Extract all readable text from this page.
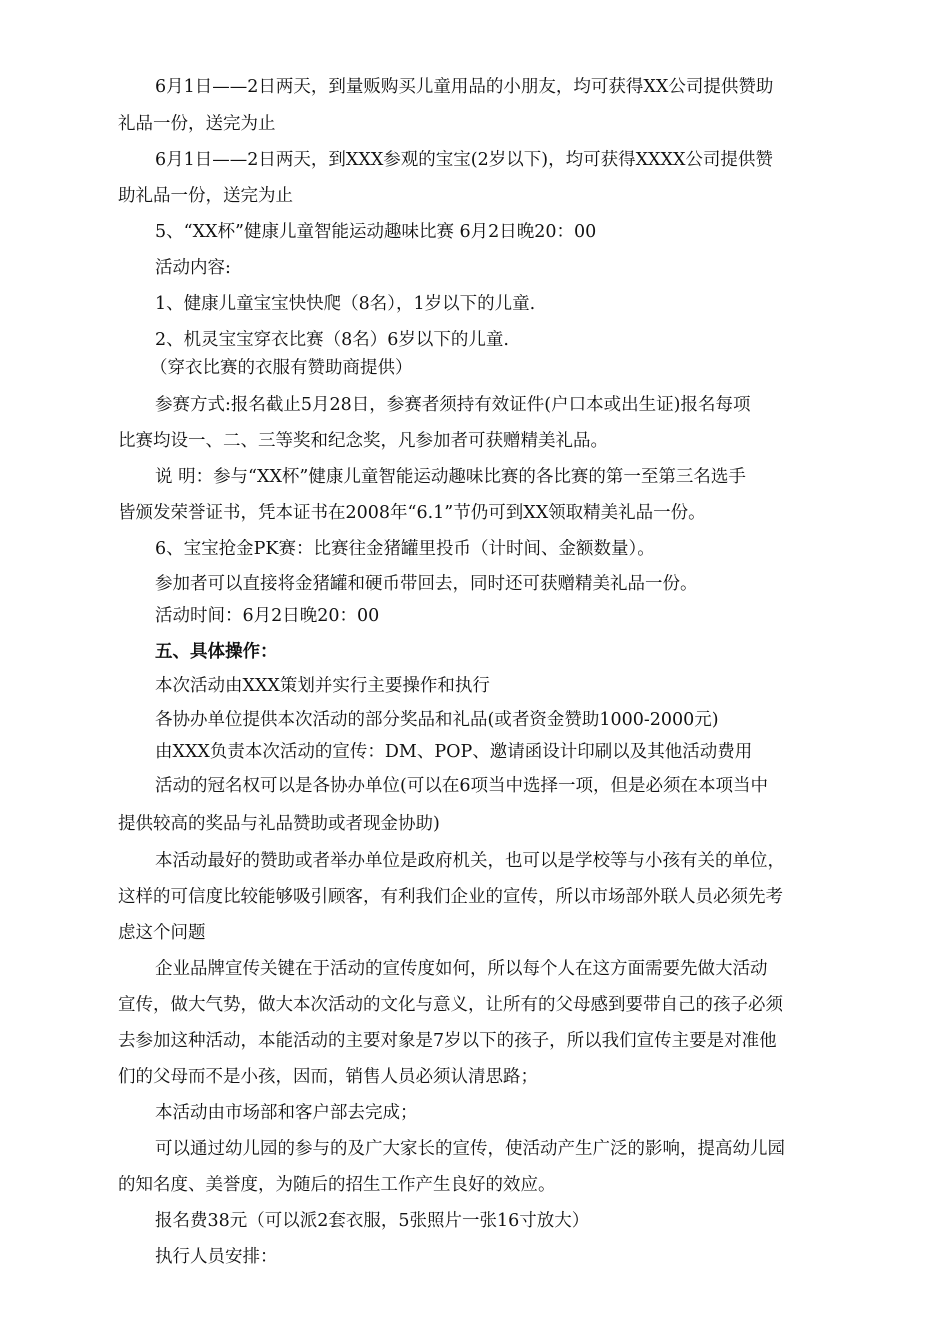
6月1日——2日两天，到量贩购买儿童用品的小朋友，均可获得XX公司提供赞助
礼品一份，送完为止
6月1日——2日两天，到XXX参观的宝宝(2岁以下)，均可获得XXXX公司提供赞
助礼品一份，送完为止
5、“XX杯”健康儿童智能运动趣味比赛 6月2日晚20：00
活动内容:
1、健康儿童宝宝快快爬（8名），1岁以下的儿童.
2、机灵宝宝穿衣比赛（8名）6岁以下的儿童.
（穿衣比赛的衣服有赞助商提供）
参赛方式:报名截止5月28日，参赛者须持有效证件(户口本或出生证)报名每项
比赛均设一、二、三等奖和纪念奖，凡参加者可获赠精美礼品。
说 明：参与“XX杯”健康儿童智能运动趣味比赛的各比赛的第一至第三名选手
皆颁发荣誉证书，凭本证书在2008年“6.1”节仍可到XX领取精美礼品一份。
6、宝宝抢金PK赛：比赛往金猪罐里投币（计时间、金额数量）。
参加者可以直接将金猪罐和硬币带回去，同时还可获赠精美礼品一份。
活动时间：6月2日晚20：00
五、具体操作：
本次活动由XXX策划并实行主要操作和执行
各协办单位提供本次活动的部分奖品和礼品(或者资金赞助1000-2000元)
由XXX负责本次活动的宣传：DM、POP、邀请函设计印刷以及其他活动费用
活动的冠名权可以是各协办单位(可以在6项当中选择一项，但是必须在本项当中
提供较高的奖品与礼品赞助或者现金协助)
本活动最好的赞助或者举办单位是政府机关，也可以是学校等与小孩有关的单位，
这样的可信度比较能够吸引顾客，有利我们企业的宣传，所以市场部外联人员必须先考
虑这个问题
企业品牌宣传关键在于活动的宣传度如何，所以每个人在这方面需要先做大活动
宣传，做大气势，做大本次活动的文化与意义，让所有的父母感到要带自己的孩子必须
去参加这种活动，本能活动的主要对象是7岁以下的孩子，所以我们宣传主要是对准他
们的父母而不是小孩，因而，销售人员必须认清思路；
本活动由市场部和客户部去完成；
可以通过幼儿园的参与的及广大家长的宣传，使活动产生广泛的影响，提高幼儿园
的知名度、美誉度，为随后的招生工作产生良好的效应。
报名费38元（可以派2套衣服，5张照片一张16寸放大）
执行人员安排：
